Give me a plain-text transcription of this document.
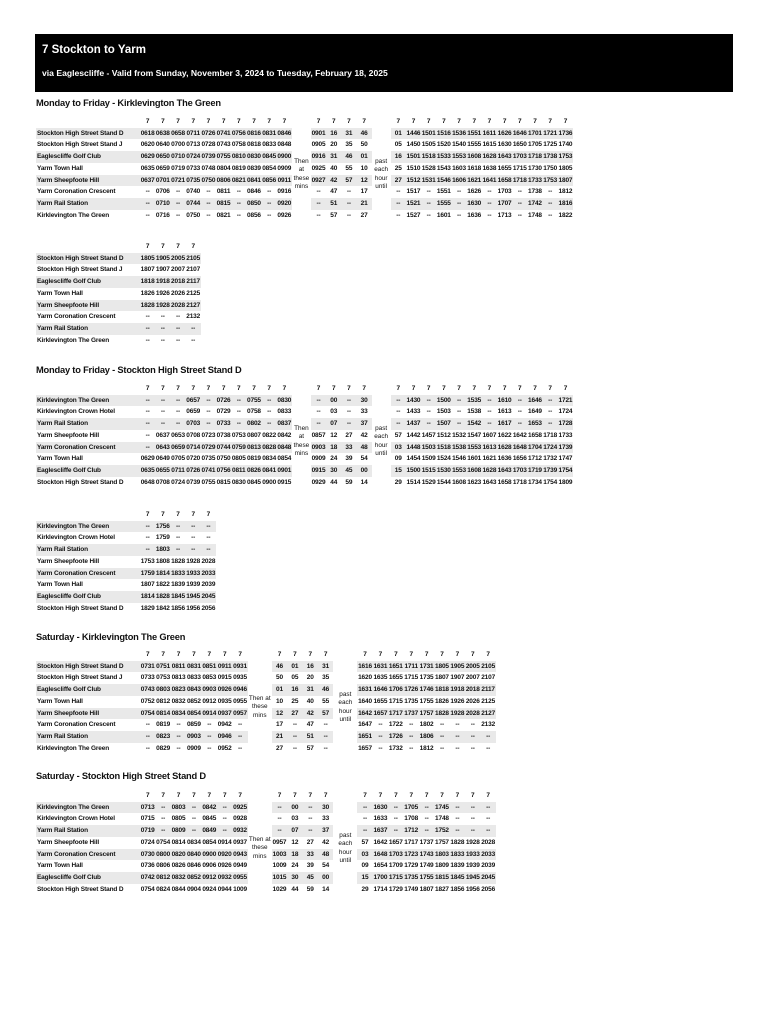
7 Stockton to Yarm
via Eaglescliffe - Valid from Sunday, November 3, 2024 to Tuesday, February 18, 2025
Monday to Friday - Kirklevington The Green
	7	7	7	7	7	7	7	7	7	7		7	7	7	7		7	7	7	7	7	7	7	7	7	7	7	7
Stockton High Street Stand D	0618	0638	0658	0711	0726	0741	0756	0816	0831	0846	Then at these mins	0901	16	31	46	past each hour until	01	1446	1501	1516	1536	1551	1611	1626	1646	1701	1721	1736
Stockton High Street Stand J	0620	0640	0700	0713	0728	0743	0758	0818	0833	0848		0905	20	35	50		05	1450	1505	1520	1540	1555	1615	1630	1650	1705	1725	1740
Eaglescliffe Golf Club	0629	0650	0710	0724	0739	0755	0810	0830	0845	0900		0916	31	46	01		16	1501	1518	1533	1553	1608	1628	1643	1703	1718	1738	1753
Yarm Town Hall	0635	0659	0719	0733	0748	0804	0819	0839	0854	0909		0925	40	55	10		25	1510	1528	1543	1603	1618	1638	1655	1715	1730	1750	1805
Yarm Sheepfoote Hill	0637	0701	0721	0735	0750	0806	0821	0841	0856	0911		0927	42	57	12		27	1512	1531	1546	1606	1621	1641	1658	1718	1733	1753	1807
Yarm Coronation Crescent	--	0706	--	0740	--	0811	--	0846	--	0916		--	47	--	17		--	1517	--	1551	--	1626	--	1703	--	1738	--	1812
Yarm Rail Station	--	0710	--	0744	--	0815	--	0850	--	0920		--	51	--	21		--	1521	--	1555	--	1630	--	1707	--	1742	--	1816
Kirklevington The Green	--	0716	--	0750	--	0821	--	0856	--	0926		--	57	--	27		--	1527	--	1601	--	1636	--	1713	--	1748	--	1822
	7	7	7	7
Stockton High Street Stand D	1805	1905	2005	2105
Stockton High Street Stand J	1807	1907	2007	2107
Eaglescliffe Golf Club	1818	1918	2018	2117
Yarm Town Hall	1826	1926	2026	2125
Yarm Sheepfoote Hill	1828	1928	2028	2127
Yarm Coronation Crescent	--	--	--	2132
Yarm Rail Station	--	--	--	--
Kirklevington The Green	--	--	--	--
Monday to Friday - Stockton High Street Stand D
	7	7	7	7	7	7	7	7	7	7		7	7	7	7		7	7	7	7	7	7	7	7	7	7	7	7
Kirklevington The Green	--	--	--	0657	--	0726	--	0755	--	0830	Then at these mins	--	00	--	30	past each hour until	--	1430	--	1500	--	1535	--	1610	--	1646	--	1721
Kirklevington Crown Hotel	--	--	--	0659	--	0729	--	0758	--	0833		--	03	--	33		--	1433	--	1503	--	1538	--	1613	--	1649	--	1724
Yarm Rail Station	--	--	--	0703	--	0733	--	0802	--	0837		--	07	--	37		--	1437	--	1507	--	1542	--	1617	--	1653	--	1728
Yarm Sheepfoote Hill	--	0637	0653	0708	0723	0738	0753	0807	0822	0842		0857	12	27	42		57	1442	1457	1512	1532	1547	1607	1622	1642	1658	1718	1733
Yarm Coronation Crescent	--	0643	0659	0714	0729	0744	0759	0813	0828	0848		0903	18	33	48		03	1448	1503	1518	1538	1553	1613	1628	1648	1704	1724	1739
Yarm Town Hall	0629	0649	0705	0720	0735	0750	0805	0819	0834	0854		0909	24	39	54		09	1454	1509	1524	1546	1601	1621	1636	1656	1712	1732	1747
Eaglescliffe Golf Club	0635	0655	0711	0726	0741	0756	0811	0826	0841	0901		0915	30	45	00		15	1500	1515	1530	1553	1608	1628	1643	1703	1719	1739	1754
Stockton High Street Stand D	0648	0708	0724	0739	0755	0815	0830	0845	0900	0915		0929	44	59	14		29	1514	1529	1544	1608	1623	1643	1658	1718	1734	1754	1809
	7	7	7	7	7
Kirklevington The Green	--	1756	--	--	--
Kirklevington Crown Hotel	--	1759	--	--	--
Yarm Rail Station	--	1803	--	--	--
Yarm Sheepfoote Hill	1753	1808	1828	1928	2028
Yarm Coronation Crescent	1759	1814	1833	1933	2033
Yarm Town Hall	1807	1822	1839	1939	2039
Eaglescliffe Golf Club	1814	1828	1845	1945	2045
Stockton High Street Stand D	1829	1842	1856	1956	2056
Saturday - Kirklevington The Green
	7	7	7	7	7	7	7		7	7	7	7		7	7	7	7	7	7	7	7	7		
Stockton High Street Stand D	0731	0751	0811	0831	0851	0911	0931	Then at these mins	46	01	16	31	past each hour until	1616	1631	1651	1711	1731	1805	1905	2005	2105		
Stockton High Street Stand J	0733	0753	0813	0833	0853	0915	0935		50	05	20	35		1620	1635	1655	1715	1735	1807	1907	2007	2107		
Eaglescliffe Golf Club	0743	0803	0823	0843	0903	0926	0946		01	16	31	46		1631	1646	1706	1726	1746	1818	1918	2018	2117		
Yarm Town Hall	0752	0812	0832	0852	0912	0935	0955		10	25	40	55		1640	1655	1715	1735	1755	1826	1926	2026	2125		
Yarm Sheepfoote Hill	0754	0814	0834	0854	0914	0937	0957		12	27	42	57		1642	1657	1717	1737	1757	1828	1928	2028	2127		
Yarm Coronation Crescent	--	0819	--	0859	--	0942	--		17	--	47	--		1647	--	1722	--	1802	--	--	--	2132		
Yarm Rail Station	--	0823	--	0903	--	0946	--		21	--	51	--		1651	--	1726	--	1806	--	--	--	--		
Kirklevington The Green	--	0829	--	0909	--	0952	--		27	--	57	--		1657	--	1732	--	1812	--	--	--	--		
Saturday - Stockton High Street Stand D
	7	7	7	7	7	7	7		7	7	7	7		7	7	7	7	7	7	7	7	7		
Kirklevington The Green	0713	--	0803	--	0842	--	0925	Then at these mins	--	00	--	30	past each hour until	--	1630	--	1705	--	1745	--	--	--		
Kirklevington Crown Hotel	0715	--	0805	--	0845	--	0928		--	03	--	33		--	1633	--	1708	--	1748	--	--	--		
Yarm Rail Station	0719	--	0809	--	0849	--	0932		--	07	--	37		--	1637	--	1712	--	1752	--	--	--		
Yarm Sheepfoote Hill	0724	0754	0814	0834	0854	0914	0937		0957	12	27	42		57	1642	1657	1717	1737	1757	1828	1928	2028		
Yarm Coronation Crescent	0730	0800	0820	0840	0900	0920	0943		1003	18	33	48		03	1648	1703	1723	1743	1803	1833	1933	2033		
Yarm Town Hall	0736	0806	0826	0846	0906	0926	0949		1009	24	39	54		09	1654	1709	1729	1749	1809	1839	1939	2039		
Eaglescliffe Golf Club	0742	0812	0832	0852	0912	0932	0955		1015	30	45	00		15	1700	1715	1735	1755	1815	1845	1945	2045		
Stockton High Street Stand D	0754	0824	0844	0904	0924	0944	1009		1029	44	59	14		29	1714	1729	1749	1807	1827	1856	1956	2056		
